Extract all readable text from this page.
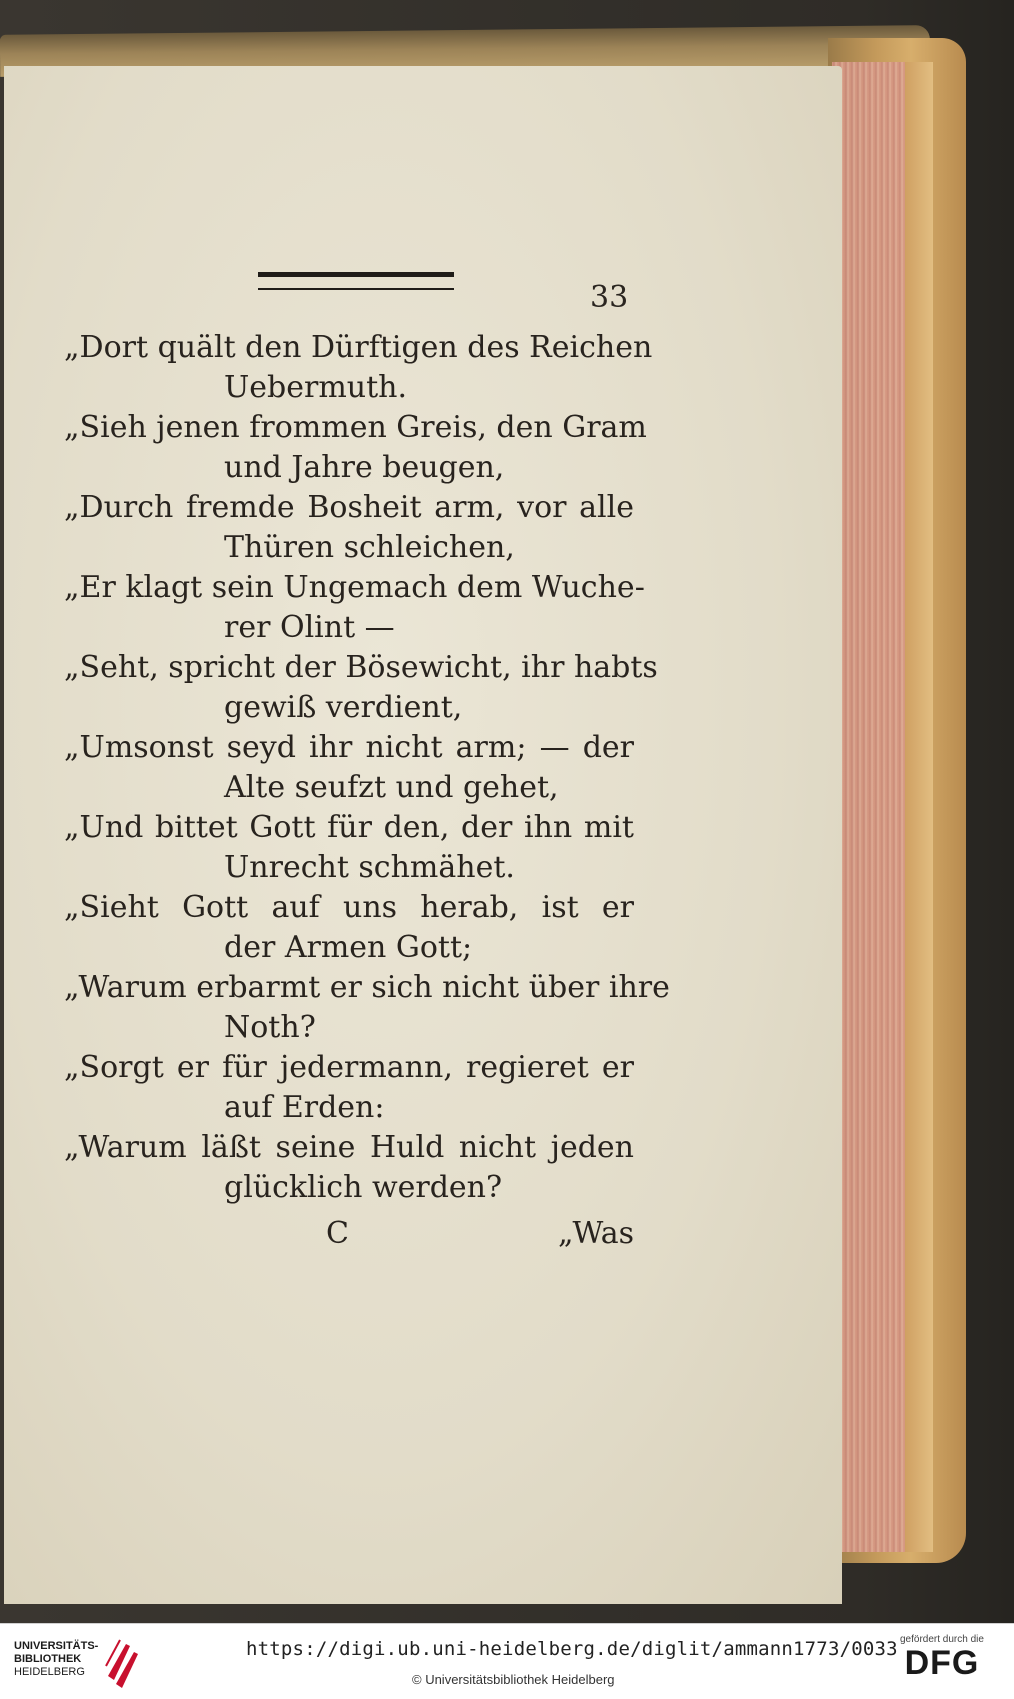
33
„Dort quält den Dürftigen des Reichen
Uebermuth.
„Sieh jenen frommen Greis, den Gram
und Jahre beugen,
„Durch fremde Bosheit arm, vor alle
Thüren schleichen,
„Er klagt sein Ungemach dem Wuche-
rer Olint —
„Seht, spricht der Bösewicht, ihr habts
gewiß verdient,
„Umsonst seyd ihr nicht arm; — der
Alte seufzt und gehet,
„Und bittet Gott für den, der ihn mit
Unrecht schmähet.
„Sieht Gott auf uns herab, ist er
der Armen Gott;
„Warum erbarmt er sich nicht über ihre
Noth?
„Sorgt er für jedermann, regieret er
auf Erden:
„Warum läßt seine Huld nicht jeden
glücklich werden?
C	„Was
UNIVERSITÄTS-
BIBLIOTHEK
HEIDELBERG
https://digi.ub.uni-heidelberg.de/diglit/ammann1773/0033
© Universitätsbibliothek Heidelberg
gefördert durch die
DFG
